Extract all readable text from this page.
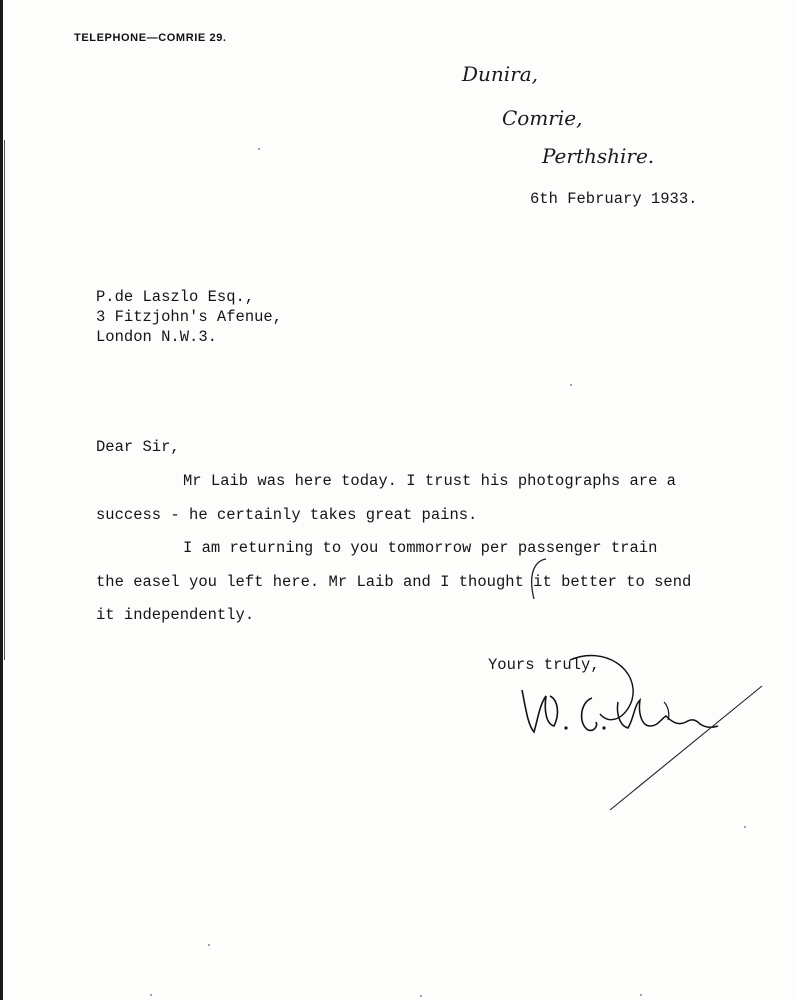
TELEPHONE—COMRIE 29.
Dunira,
Comrie,
Perthshire.
6th February 1933.
P.de Laszlo Esq.,
3 Fitzjohn's Afenue,
London N.W.3.
Dear Sir,
Mr Laib was here today. I trust his photographs are a
success - he certainly takes great pains.
I am returning to you tommorrow per passenger train
the easel you left here. Mr Laib and I thought it better to send
it independently.
Yours truly,
